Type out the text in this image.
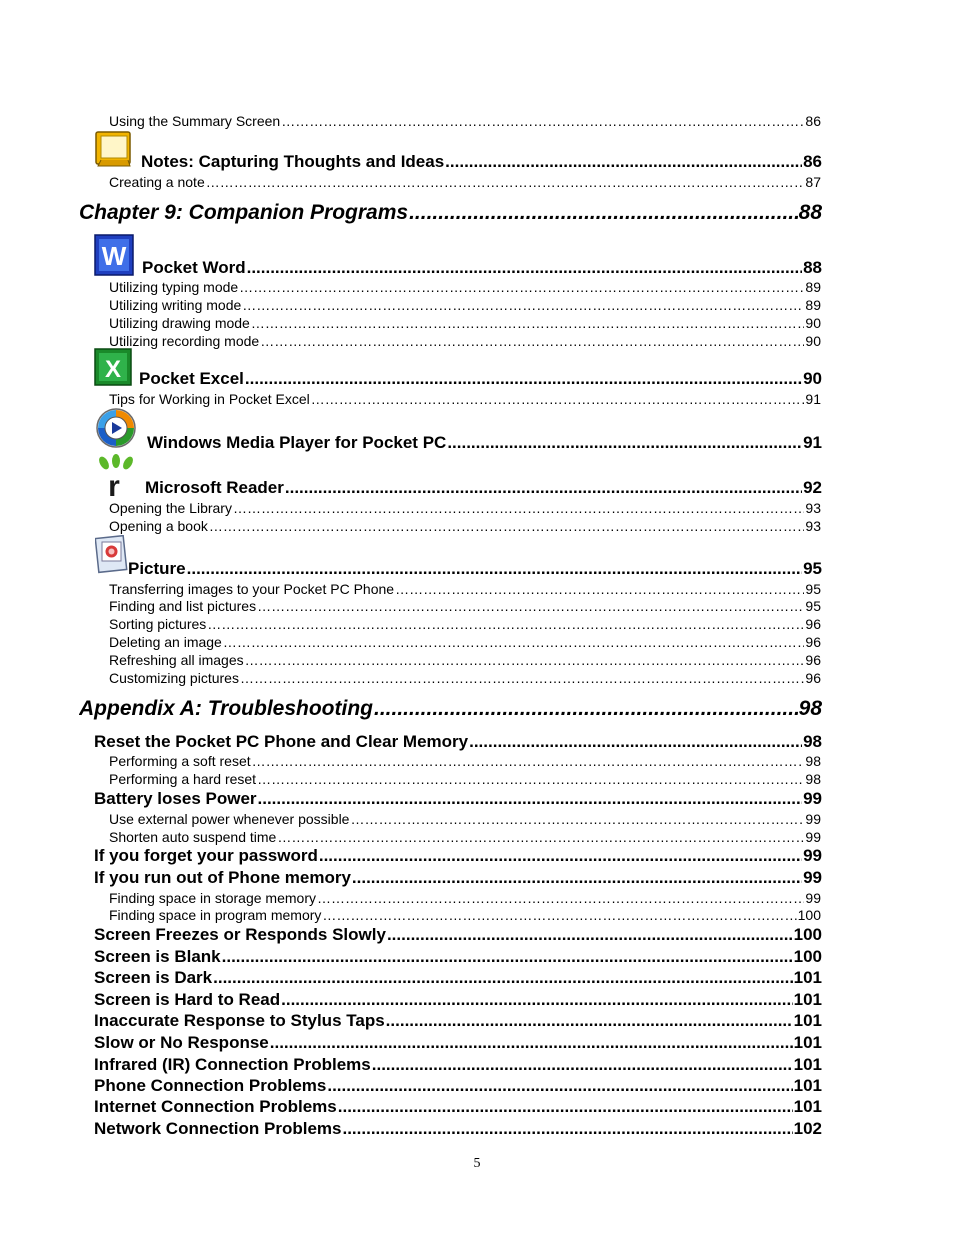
Using the Summary Screen …………………………………………………………………………………………………………………………………………………………………………………………………………………………	86
Notes: Capturing Thoughts and Ideas .....	86
Creating a note …………………………………………………………………………………………………………………………………………………………………………………………………………………………	87
Chapter 9: Companion Programs .....	88
W Pocket Word .....	88
Utilizing typing mode …………………………………………………………………………………………………………………………………………………………………………………………………………………………	89
Utilizing writing mode …………………………………………………………………………………………………………………………………………………………………………………………………………………………	89
Utilizing drawing mode …………………………………………………………………………………………………………………………………………………………………………………………………………………………	90
Utilizing recording mode …………………………………………………………………………………………………………………………………………………………………………………………………………………………	90
X Pocket Excel .....	90
Tips for Working in Pocket Excel …………………………………………………………………………………………………………………………………………………………………………………………………………………………	91
Windows Media Player for Pocket PC .....	91
r Microsoft Reader .....	92
Opening the Library …………………………………………………………………………………………………………………………………………………………………………………………………………………………	93
Opening a book …………………………………………………………………………………………………………………………………………………………………………………………………………………………	93
Picture .....	95
Transferring images to your Pocket PC Phone …………………………………………………………………………………………………………………………………………………………………………………………………………………………	95
Finding and list pictures …………………………………………………………………………………………………………………………………………………………………………………………………………………………	95
Sorting pictures …………………………………………………………………………………………………………………………………………………………………………………………………………………………	96
Deleting an image …………………………………………………………………………………………………………………………………………………………………………………………………………………………	96
Refreshing all images …………………………………………………………………………………………………………………………………………………………………………………………………………………………	96
Customizing pictures …………………………………………………………………………………………………………………………………………………………………………………………………………………………	96
Appendix A: Troubleshooting .....	98
Reset the Pocket PC Phone and Clear Memory .....	98
Performing a soft reset …………………………………………………………………………………………………………………………………………………………………………………………………………………………	98
Performing a hard reset …………………………………………………………………………………………………………………………………………………………………………………………………………………………	98
Battery loses Power .....	99
Use external power whenever possible …………………………………………………………………………………………………………………………………………………………………………………………………………………………	99
Shorten auto suspend time …………………………………………………………………………………………………………………………………………………………………………………………………………………………	99
If you forget your password .....	99
If you run out of Phone memory .....	99
Finding space in storage memory …………………………………………………………………………………………………………………………………………………………………………………………………………………………	99
Finding space in program memory …………………………………………………………………………………………………………………………………………………………………………………………………………………………	100
Screen Freezes or Responds Slowly .....	100
Screen is Blank .....	100
Screen is Dark .....	101
Screen is Hard to Read .....	101
Inaccurate Response to Stylus Taps .....	101
Slow or No Response .....	101
Infrared (IR) Connection Problems .....	101
Phone Connection Problems .....	101
Internet Connection Problems .....	101
Network Connection Problems .....	102
5
